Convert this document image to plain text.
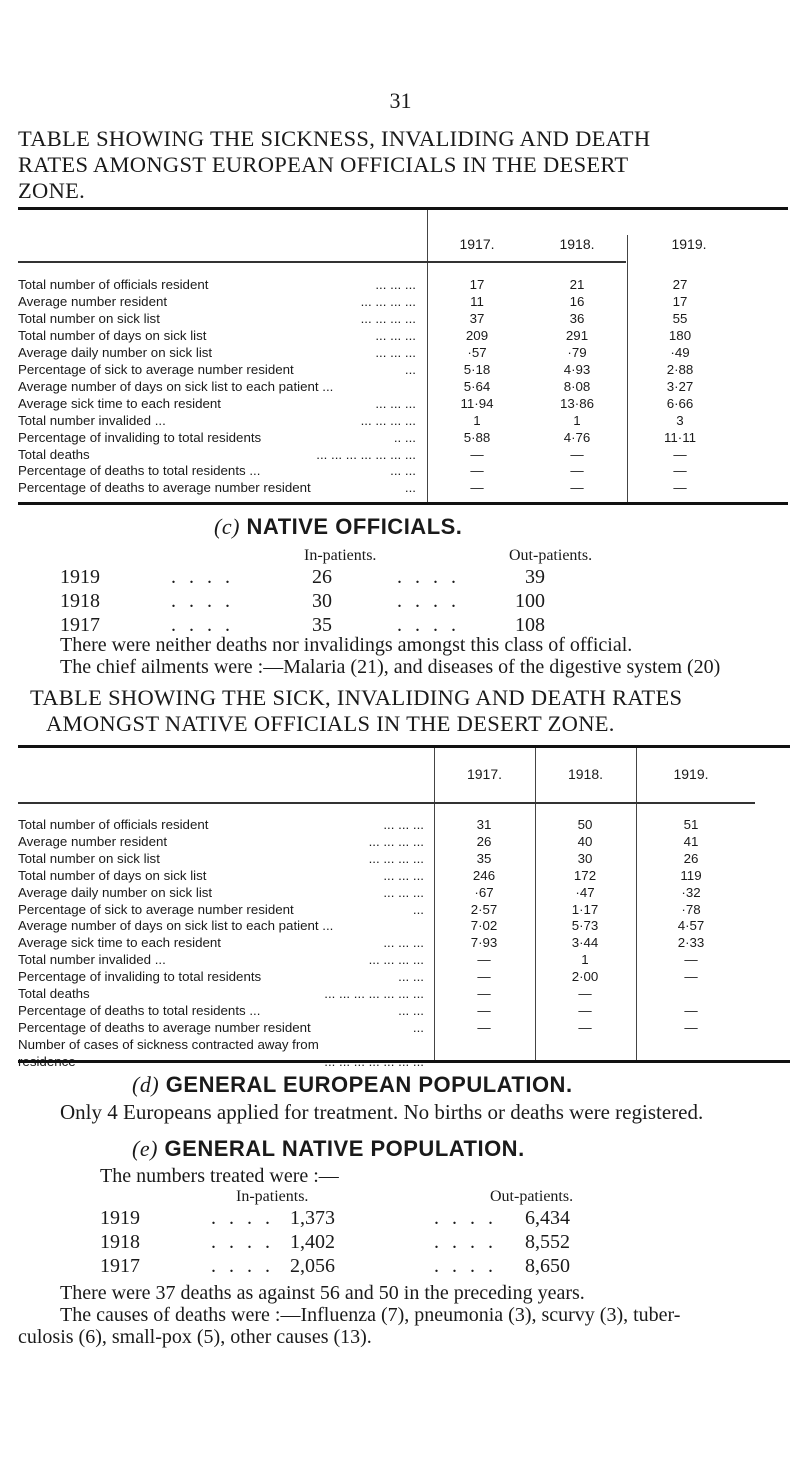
31
TABLE SHOWING THE SICKNESS, INVALIDING AND DEATH
RATES AMONGST EUROPEAN OFFICIALS IN THE DESERT
ZONE.
1917.	1918.	1919.
Total number of officials resident	... ... ...	17	21	27
Average number resident	... ... ... ...	11	16	17
Total number on sick list	... ... ... ...	37	36	55
Total number of days on sick list	... ... ...	209	291	180
Average daily number on sick list	... ... ...	·57	·79	·49
Percentage of sick to average number resident	...	5·18	4·93	2·88
Average number of days on sick list to each patient ...	5·64	8·08	3·27
Average sick time to each resident	... ... ...	11·94	13·86	6·66
Total number invalided ...	... ... ... ...	1	1	3
Percentage of invaliding to total residents	.. ...	5·88	4·76	11·11
Total deaths	... ... ... ... ... ... ...	—	—	—
Percentage of deaths to total residents ...	... ...	—	—	—
Percentage of deaths to average number resident	...	—	—	—
(c) NATIVE OFFICIALS.
In-patients.	Out-patients.
1919	. . . .	26	. . . .	39
1918	. . . .	30	. . . .	100
1917	. . . .	35	. . . .	108
There were neither deaths nor invalidings amongst this class of official.
The chief ailments were :—Malaria (21), and diseases of the digestive system (20)
TABLE SHOWING THE SICK, INVALIDING AND DEATH RATES
AMONGST NATIVE OFFICIALS IN THE DESERT ZONE.
1917.	1918.	1919.
Total number of officials resident	... ... ...	31	50	51
Average number resident	... ... ... ...	26	40	41
Total number on sick list	... ... ... ...	35	30	26
Total number of days on sick list	... ... ...	246	172	119
Average daily number on sick list	... ... ...	·67	·47	·32
Percentage of sick to average number resident	...	2·57	1·17	·78
Average number of days on sick list to each patient ...	7·02	5·73	4·57
Average sick time to each resident	... ... ...	7·93	3·44	2·33
Total number invalided ...	... ... ... ...	—	1	—
Percentage of invaliding to total residents	... ...	—	2·00	—
Total deaths	... ... ... ... ... ... ...	—	—
Percentage of deaths to total residents ...	... ...	—	—	—
Percentage of deaths to average number resident	...	—	—	—
Number of cases of sickness contracted away from
(d) GENERAL EUROPEAN POPULATION.
Only 4 Europeans applied for treatment. No births or deaths were registered.
(e) GENERAL NATIVE POPULATION.
The numbers treated were :—
In-patients.	Out-patients.
1919	. . . . 1,373	. . . . 6,434
1918	. . . . 1,402	. . . . 8,552
1917	. . . . 2,056	. . . . 8,650
There were 37 deaths as against 56 and 50 in the preceding years.
The causes of deaths were :—Influenza (7), pneumonia (3), scurvy (3), tuber-
culosis (6), small-pox (5), other causes (13).
